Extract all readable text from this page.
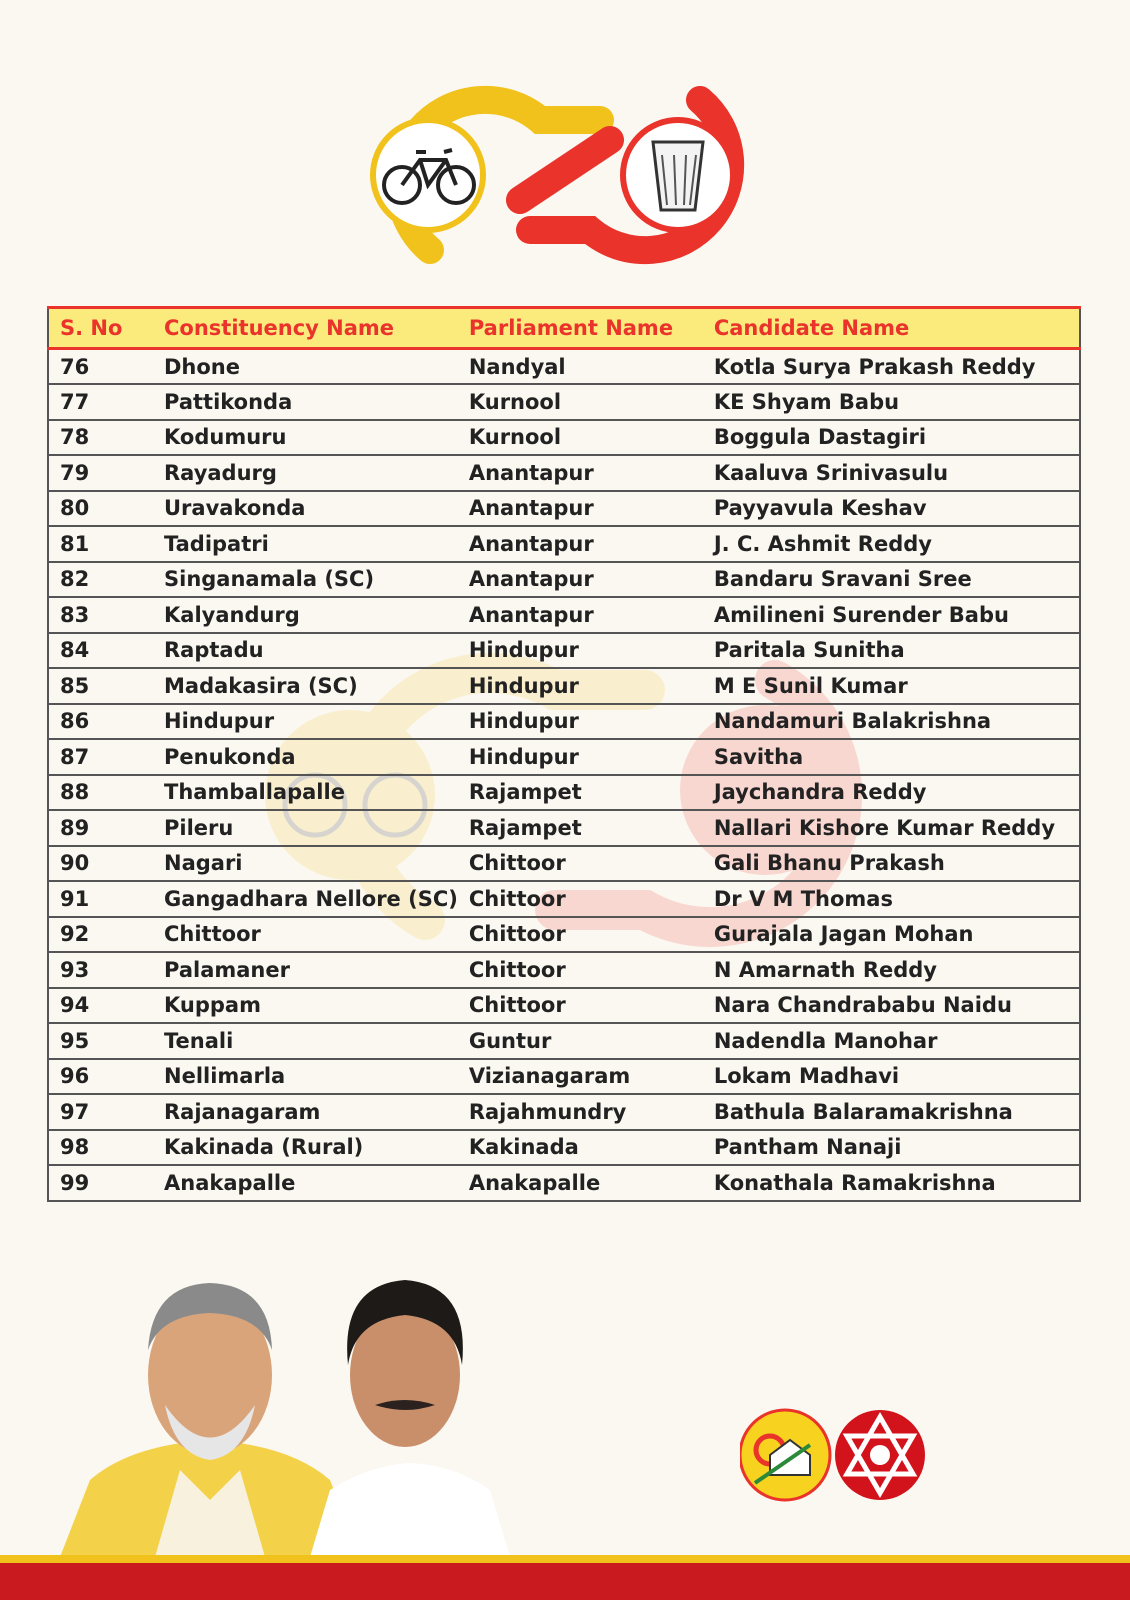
S. No	Constituency Name	Parliament Name	Candidate Name
76	Dhone	Nandyal	Kotla Surya Prakash Reddy
77	Pattikonda	Kurnool	KE Shyam Babu
78	Kodumuru	Kurnool	Boggula Dastagiri
79	Rayadurg	Anantapur	Kaaluva Srinivasulu
80	Uravakonda	Anantapur	Payyavula Keshav
81	Tadipatri	Anantapur	J. C. Ashmit Reddy
82	Singanamala (SC)	Anantapur	Bandaru Sravani Sree
83	Kalyandurg	Anantapur	Amilineni Surender Babu
84	Raptadu	Hindupur	Paritala Sunitha
85	Madakasira (SC)	Hindupur	M E Sunil Kumar
86	Hindupur	Hindupur	Nandamuri Balakrishna
87	Penukonda	Hindupur	Savitha
88	Thamballapalle	Rajampet	Jaychandra Reddy
89	Pileru	Rajampet	Nallari Kishore Kumar Reddy
90	Nagari	Chittoor	Gali Bhanu Prakash
91	Gangadhara Nellore (SC)	Chittoor	Dr V M Thomas
92	Chittoor	Chittoor	Gurajala Jagan Mohan
93	Palamaner	Chittoor	N Amarnath Reddy
94	Kuppam	Chittoor	Nara Chandrababu Naidu
95	Tenali	Guntur	Nadendla Manohar
96	Nellimarla	Vizianagaram	Lokam Madhavi
97	Rajanagaram	Rajahmundry	Bathula Balaramakrishna
98	Kakinada (Rural)	Kakinada	Pantham Nanaji
99	Anakapalle	Anakapalle	Konathala Ramakrishna
